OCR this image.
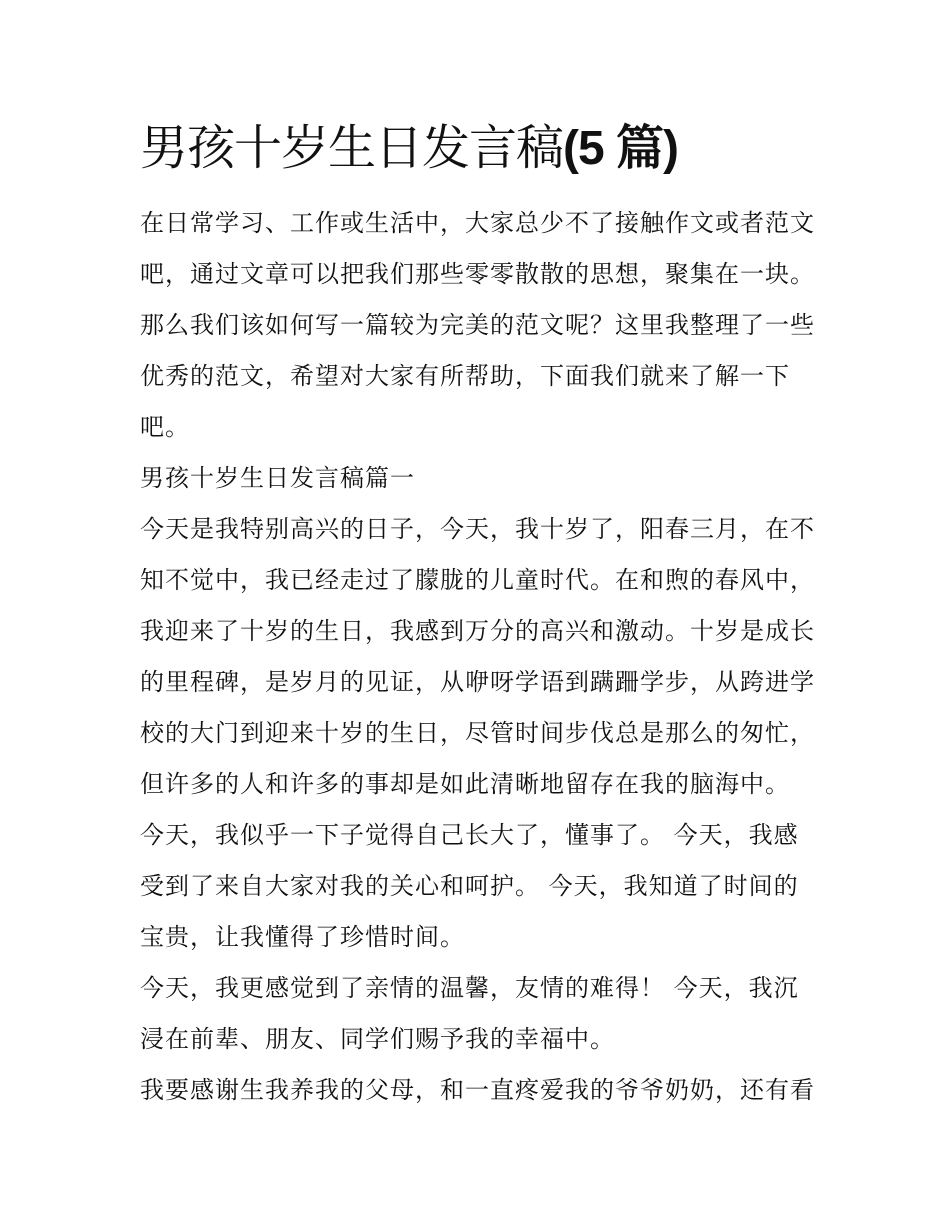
男孩十岁生日发言稿(5 篇)
在日常学习、工作或生活中，大家总少不了接触作文或者范文
吧，通过文章可以把我们那些零零散散的思想，聚集在一块。
那么我们该如何写一篇较为完美的范文呢？这里我整理了一些
优秀的范文，希望对大家有所帮助，下面我们就来了解一下
吧。
男孩十岁生日发言稿篇一
今天是我特别高兴的日子，今天，我十岁了，阳春三月，在不
知不觉中，我已经走过了朦胧的儿童时代。在和煦的春风中，
我迎来了十岁的生日，我感到万分的高兴和激动。十岁是成长
的里程碑，是岁月的见证，从咿呀学语到蹒跚学步，从跨进学
校的大门到迎来十岁的生日，尽管时间步伐总是那么的匆忙，
但许多的人和许多的事却是如此清晰地留存在我的脑海中。
今天，我似乎一下子觉得自己长大了，懂事了。 今天，我感
受到了来自大家对我的关心和呵护。 今天，我知道了时间的
宝贵，让我懂得了珍惜时间。
今天，我更感觉到了亲情的温馨，友情的难得！ 今天，我沉
浸在前辈、朋友、同学们赐予我的幸福中。
我要感谢生我养我的父母，和一直疼爱我的爷爷奶奶，还有看
